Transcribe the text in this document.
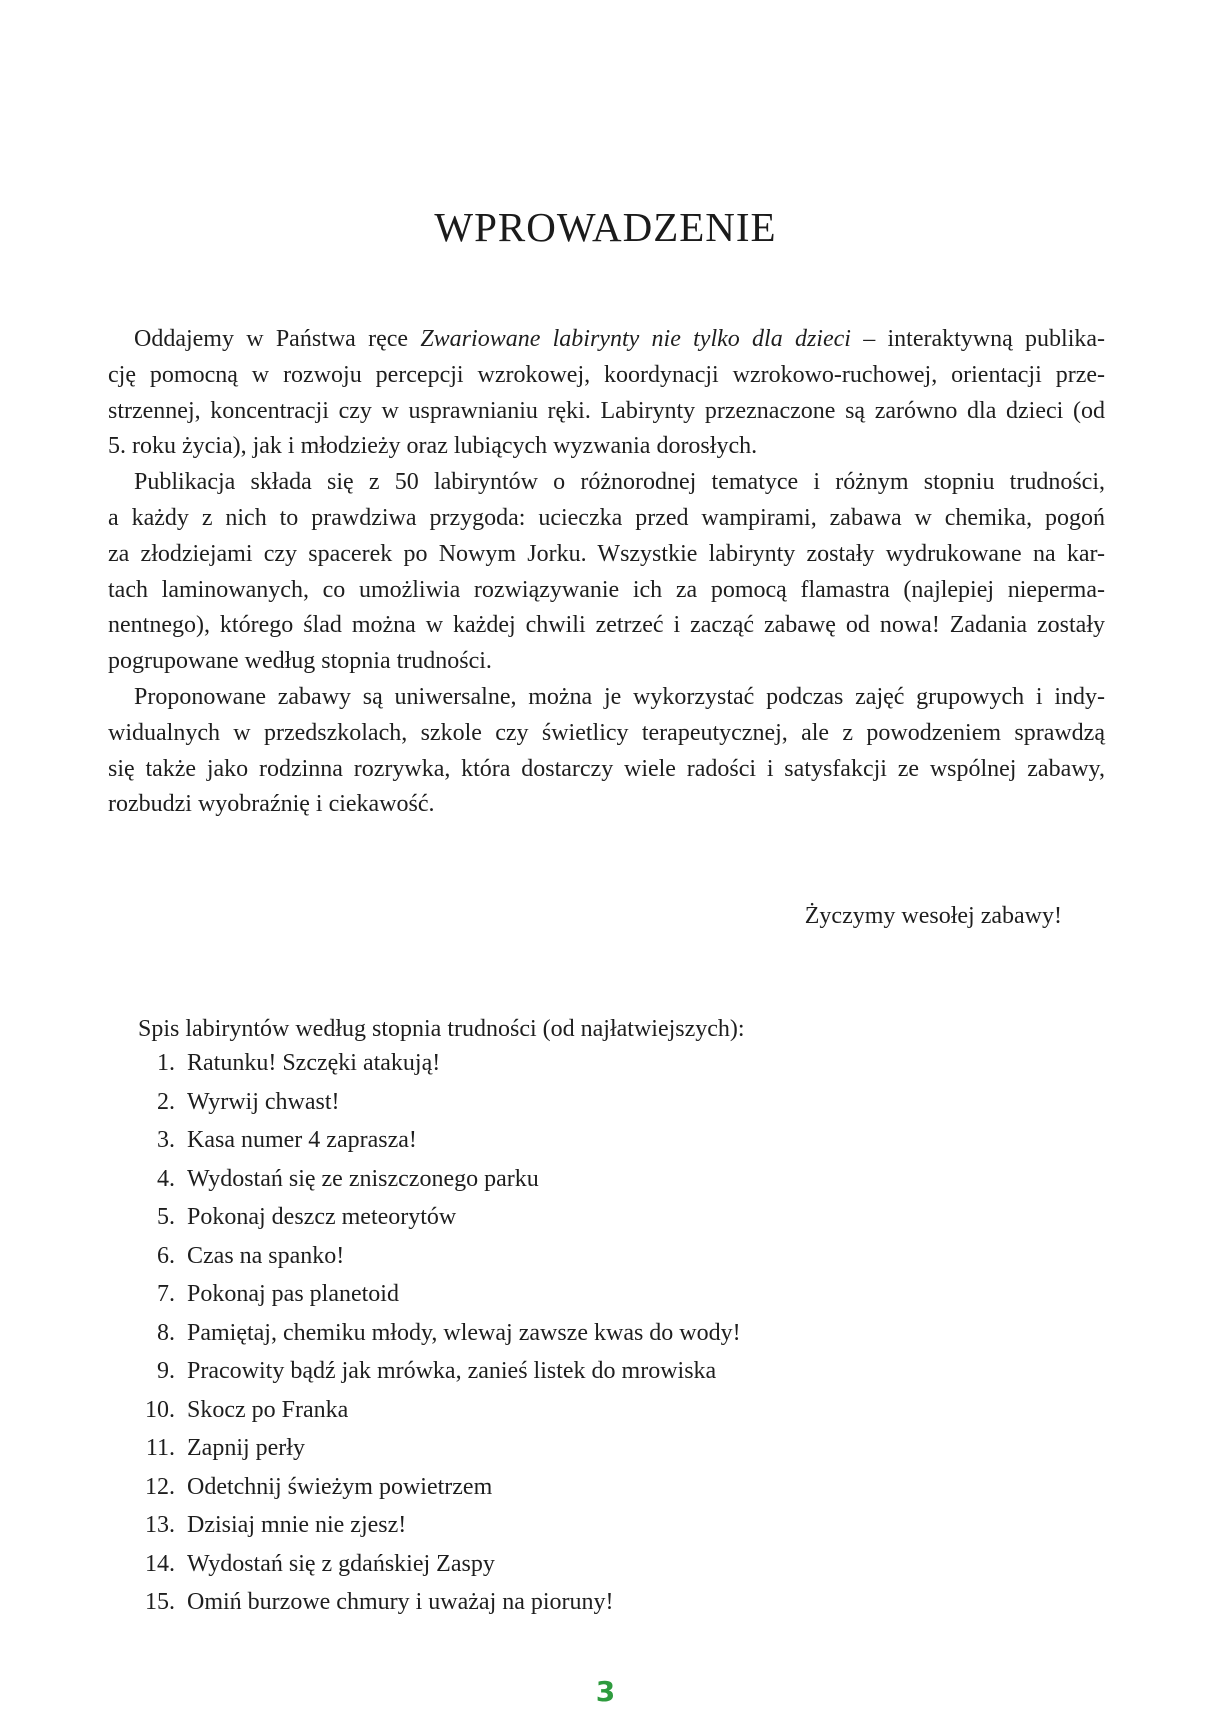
WPROWADZENIE
Oddajemy w Państwa ręce Zwariowane labirynty nie tylko dla dzieci – interaktywną publika-
cję pomocną w rozwoju percepcji wzrokowej, koordynacji wzrokowo-ruchowej, orientacji prze-
strzennej, koncentracji czy w usprawnianiu ręki. Labirynty przeznaczone są zarówno dla dzieci (od
5. roku życia), jak i młodzieży oraz lubiących wyzwania dorosłych.
Publikacja składa się z 50 labiryntów o różnorodnej tematyce i różnym stopniu trudności,
a każdy z nich to prawdziwa przygoda: ucieczka przed wampirami, zabawa w chemika, pogoń
za złodziejami czy spacerek po Nowym Jorku. Wszystkie labirynty zostały wydrukowane na kar-
tach laminowanych, co umożliwia rozwiązywanie ich za pomocą flamastra (najlepiej nieperma-
nentnego), którego ślad można w każdej chwili zetrzeć i zacząć zabawę od nowa! Zadania zostały
pogrupowane według stopnia trudności.
Proponowane zabawy są uniwersalne, można je wykorzystać podczas zajęć grupowych i indy-
widualnych w przedszkolach, szkole czy świetlicy terapeutycznej, ale z powodzeniem sprawdzą
się także jako rodzinna rozrywka, która dostarczy wiele radości i satysfakcji ze wspólnej zabawy,
rozbudzi wyobraźnię i ciekawość.
Życzymy wesołej zabawy!
Spis labiryntów według stopnia trudności (od najłatwiejszych):
1. Ratunku! Szczęki atakują!
2. Wyrwij chwast!
3. Kasa numer 4 zaprasza!
4. Wydostań się ze zniszczonego parku
5. Pokonaj deszcz meteorytów
6. Czas na spanko!
7. Pokonaj pas planetoid
8. Pamiętaj, chemiku młody, wlewaj zawsze kwas do wody!
9. Pracowity bądź jak mrówka, zanieś listek do mrowiska
10. Skocz po Franka
11. Zapnij perły
12. Odetchnij świeżym powietrzem
13. Dzisiaj mnie nie zjesz!
14. Wydostań się z gdańskiej Zaspy
15. Omiń burzowe chmury i uważaj na pioruny!
3
